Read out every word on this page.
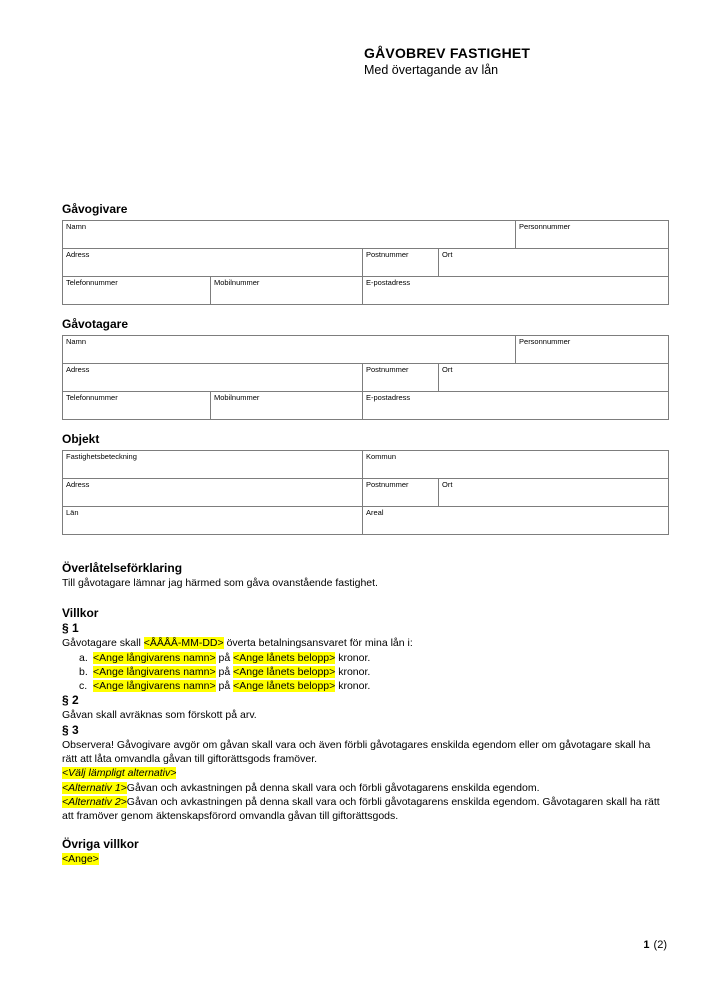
GÅVOBREV FASTIGHET
Med övertagande av lån
Gåvogivare
Namn				Personnummer

Adress		Postnummer	Ort	

Telefonnummer	Mobilnummer	E-postadress		
Gåvotagare
Namn				Personnummer

Adress		Postnummer	Ort	

Telefonnummer	Mobilnummer	E-postadress		
Objekt
Fastighetsbeteckning	Kommun	

Adress	Postnummer	Ort

Län	Areal	
Överlåtelseförklaring

Till gåvotagare lämnar jag härmed som gåva ovanstående fastighet.

Villkor
§ 1

Gåvotagare skall <ÅÅÅÅ-MM-DD> överta betalningsansvaret för mina lån i:

a. <Ange långivarens namn> på <Ange lånets belopp> kronor.
b. <Ange långivarens namn> på <Ange lånets belopp> kronor.
c. <Ange långivarens namn> på <Ange lånets belopp> kronor.
§ 2

Gåvan skall avräknas som förskott på arv.

§ 3

Observera! Gåvogivare avgör om gåvan skall vara och även förbli gåvotagares enskilda egendom eller om gåvotagare skall ha rätt att låta omvandla gåvan till giftorättsgods framöver.

<Välj lämpligt alternativ>

<Alternativ 1>Gåvan och avkastningen på denna skall vara och förbli gåvotagarens enskilda egendom.

<Alternativ 2>Gåvan och avkastningen på denna skall vara och förbli gåvotagarens enskilda egendom. Gåvotagaren skall ha rätt att framöver genom äktenskapsförord omvandla gåvan till giftorättsgods.

Övriga villkor

<Ange>

1 (2)
